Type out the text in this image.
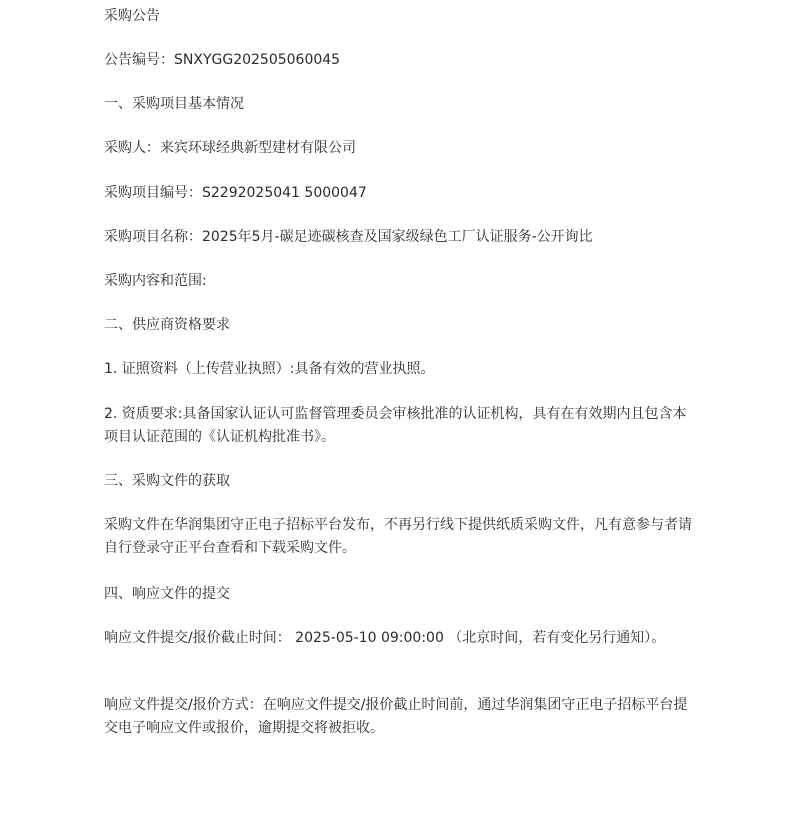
采购公告
公告编号：SNXYGG202505060045
一、采购项目基本情况
采购人：来宾环球经典新型建材有限公司
采购项目编号：S2292025041 5000047
采购项目名称：2025年5月-碳足迹碳核查及国家级绿色工厂认证服务-公开询比
采购内容和范围:
二、供应商资格要求
1. 证照资料（上传营业执照）:具备有效的营业执照。
2. 资质要求:具备国家认证认可监督管理委员会审核批准的认证机构，具有在有效期内且包含本项目认证范围的《认证机构批准书》。
三、采购文件的获取
采购文件在华润集团守正电子招标平台发布，不再另行线下提供纸质采购文件，凡有意参与者请自行登录守正平台查看和下载采购文件。
四、响应文件的提交
响应文件提交/报价截止时间： 2025-05-10 09:00:00 （北京时间，若有变化另行通知）。
响应文件提交/报价方式：在响应文件提交/报价截止时间前，通过华润集团守正电子招标平台提交电子响应文件或报价，逾期提交将被拒收。
